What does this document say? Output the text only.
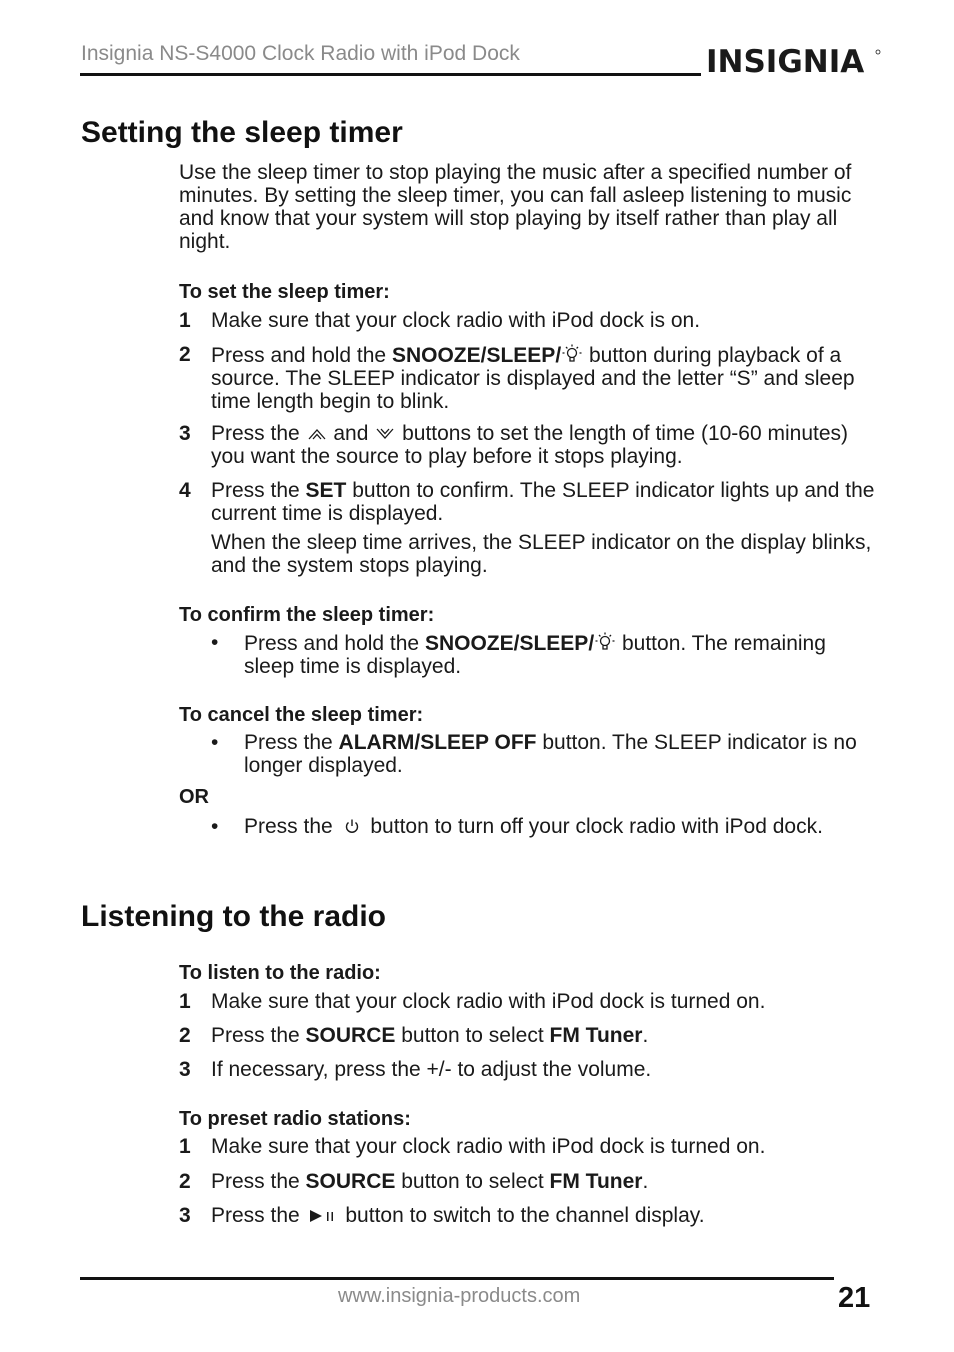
Insignia NS-S4000 Clock Radio with iPod Dock	INSIGNIA
Setting the sleep timer

Use the sleep timer to stop playing the music after a specified number of minutes. By setting the sleep timer, you can fall asleep listening to music and know that your system will stop playing by itself rather than play all night.

To set the sleep timer:
1 Make sure that your clock radio with iPod dock is on.
2 Press and hold the SNOOZE/SLEEP/ button during playback of a source. The SLEEP indicator is displayed and the letter “S” and sleep time length begin to blink.
3 Press the  and  buttons to set the length of time (10-60 minutes) you want the source to play before it stops playing.
4 Press the SET button to confirm. The SLEEP indicator lights up and the current time is displayed.
When the sleep time arrives, the SLEEP indicator on the display blinks, and the system stops playing.
To confirm the sleep timer:
• Press and hold the SNOOZE/SLEEP/ button. The remaining sleep time is displayed.
To cancel the sleep timer:
• Press the ALARM/SLEEP OFF button. The SLEEP indicator is no longer displayed.
OR
• Press the  button to turn off your clock radio with iPod dock.
Listening to the radio
To listen to the radio:
1 Make sure that your clock radio with iPod dock is turned on.
2 Press the SOURCE button to select FM Tuner.
3 If necessary, press the +/- to adjust the volume.
To preset radio stations:
1 Make sure that your clock radio with iPod dock is turned on.
2 Press the SOURCE button to select FM Tuner.
3 Press the  button to switch to the channel display.
www.insignia-products.com	21
